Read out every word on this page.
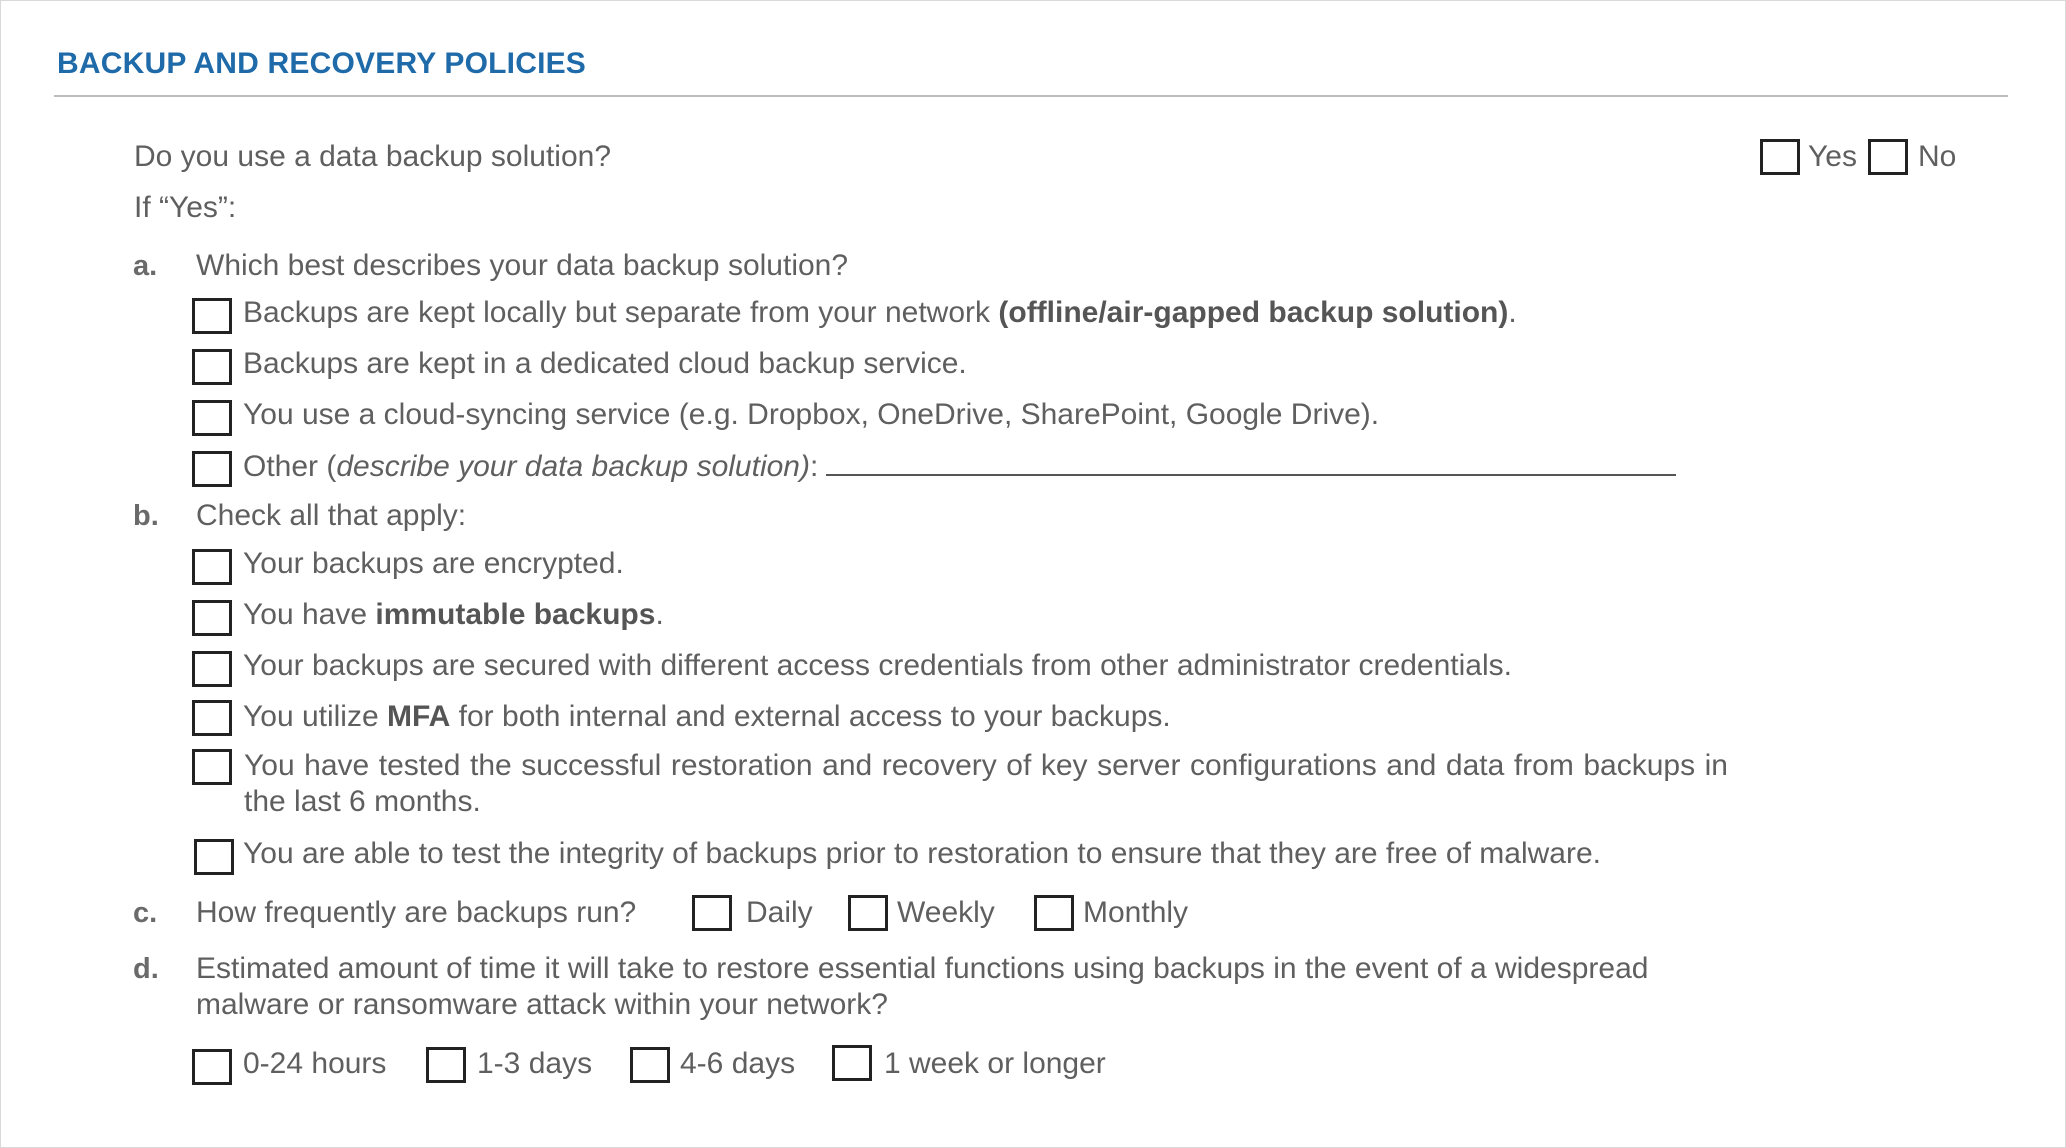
BACKUP AND RECOVERY POLICIES
Do you use a data backup solution?	Yes No
If “Yes”:
a. Which best describes your data backup solution?
Backups are kept locally but separate from your network (offline/air-gapped backup solution).
Backups are kept in a dedicated cloud backup service.
You use a cloud-syncing service (e.g. Dropbox, OneDrive, SharePoint, Google Drive).
Other (describe your data backup solution):
b. Check all that apply:
Your backups are encrypted.
You have immutable backups.
Your backups are secured with different access credentials from other administrator credentials.
You utilize MFA for both internal and external access to your backups.
You have tested the successful restoration and recovery of key server configurations and data from backups in the last 6 months.
You are able to test the integrity of backups prior to restoration to ensure that they are free of malware.
c. How frequently are backups run?	Daily	Weekly	Monthly
d. Estimated amount of time it will take to restore essential functions using backups in the event of a widespread malware or ransomware attack within your network?
0-24 hours	1-3 days	4-6 days	1 week or longer
